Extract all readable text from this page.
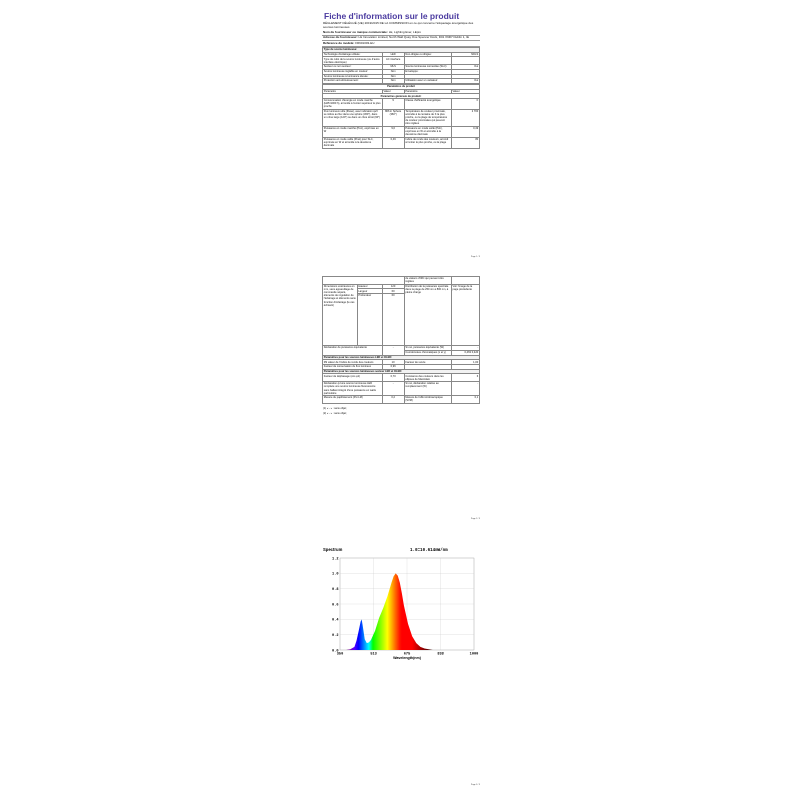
Fiche d'information sur le produit
RÈGLEMENT DÉLÉGUÉ (UE) 2019/2015 DE LA COMMISSION en ce qui concerne l'étiquetage énergétique des sources lumineuses
Nom du fournisseur ou marque commerciale: LE, Lighting Ever, LEpro
Adresse du fournisseur: LE Innovation Limited, North Wall Quay One Spencer Dock, D01 X9R7 Dublin 1, IE
Référence du modèle: FR901003-EU
Type de source lumineuse:			
Technologie d'éclairage utilisée:	LED	Non-dirigée ou dirigée:	NDLS
Type de culot de la source lumineuse (ou d'autre interface électrique)	AC interface		
Secteur ou non secteur:	MLS	Source lumineuse connectée (SLC):	Oui
Source lumineuse réglable en couleur:	Non	Enveloppe:	-
Source lumineuse à luminance élevée:	Non		
Protection anti-éblouissement:	Non	Utilisation avec un variateur:	Oui
Paramètres du produit			
Paramètre	Valeur	Paramètre	Valeur
Paramètres généraux du produit:			
Consommation d'énergie en mode marche (kWh/1000 h), arrondie à l'entier supérieur le plus proche	9	Classe d'efficacité énergétique	F
Flux lumineux utile (Φuse), avec indication qu'il se réfère au flux dans une sphère (360°), dans un cône large (120°) ou dans un cône étroit (90°)	806 in Sphere (360°)	Température de couleur proximale, arrondie à la centaine de K la plus proche, ou la plage de températures de couleur proximales qui peuvent être réglées	2 700
Puissance en mode marche (Pon), exprimée en W	9,0	Puissance en mode veille (Psb), exprimée en W et arrondie à la deuxième décimale	0,49
Puissance en mode veille (Pnet) pour SLC, exprimée en W et arrondie à la deuxième décimale	0,49	Indice de rendu des couleurs, arrondi à l'entier le plus proche, ou la plage	80
Page 1 / 3
			de valeurs d'IRC qui peuvent être réglées	
Dimensions extérieures en mm, sans appareillage de commande séparé, éléments de régulation de l'éclairage et éléments sans fonction d'éclairage (le cas échéant)	Hauteur	120	Distribution de la puissance spectrale dans la plage de 250 nm à 800 nm, à pleine charge	Voir l'image de la page précédente
	Largeur	60		
	Profondeur	60		
Déclaration de puissance équivalente		-	Si oui, puissance équivalente (W)	-
			Coordonnées chromatiques (x et y)	0,463 0,420
Paramètres pour les sources lumineuses LED et OLED:				
R9 valeur de l'indice de rendu des couleurs		10	Facteur de survie	1,00
Facteur de conservation du flux lumineux		0,96		
Paramètres pour les sources lumineuses secteur LED et OLED:				
Facteur de déphasage (cos φ1)		0,70	Constance des couleurs dans les ellipses de MacAdam	6
Déclaration qu'une source lumineuse LED remplace une source lumineuse fluorescente sans ballast intégré d'une puissance en watts particulière		-	Si oui, déclaration relative au remplacement (W)	-
Mesure du papillotement (Pst LM)		0,2	Mesure de l'effet stroboscopique (SVM)	0,1
(1) « - » : sans objet;
(2) « - » : sans objet;
Page 2 / 3
Spectrum	1.0=10.614mW/nm
0.0
0.2
0.4
0.6
0.8
1.0
1.2
350	513	675	838	1000
Wavelength(nm)
Page 3 / 3
